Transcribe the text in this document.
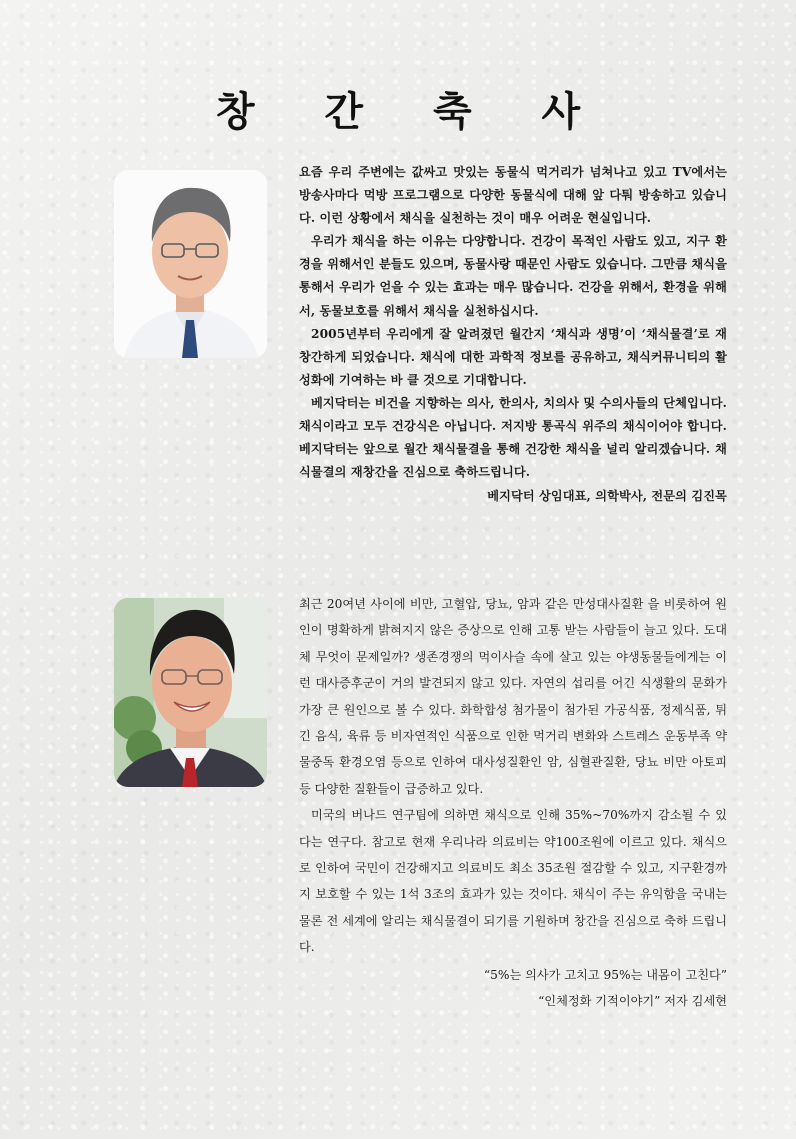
창 간 축 사

요즘 우리 주변에는 값싸고 맛있는 동물식 먹거리가 넘쳐나고 있고 TV에서는 방송사마다 먹방 프로그램으로 다양한 동물식에 대해 앞 다퉈 방송하고 있습니다. 이런 상황에서 채식을 실천하는 것이 매우 어려운 현실입니다.

우리가 채식을 하는 이유는 다양합니다. 건강이 목적인 사람도 있고, 지구 환경을 위해서인 분들도 있으며, 동물사랑 때문인 사람도 있습니다. 그만큼 채식을 통해서 우리가 얻을 수 있는 효과는 매우 많습니다. 건강을 위해서, 환경을 위해서, 동물보호를 위해서 채식을 실천하십시다.

2005년부터 우리에게 잘 알려졌던 월간지 ‘채식과 생명’이 ‘채식물결’로 재창간하게 되었습니다. 채식에 대한 과학적 정보를 공유하고, 채식커뮤니티의 활성화에 기여하는 바 클 것으로 기대합니다.

베지닥터는 비건을 지향하는 의사, 한의사, 치의사 및 수의사들의 단체입니다. 채식이라고 모두 건강식은 아닙니다. 저지방 통곡식 위주의 채식이어야 합니다. 베지닥터는 앞으로 월간 채식물결을 통해 건강한 채식을 널리 알리겠습니다. 채식물결의 재창간을 진심으로 축하드립니다.

베지닥터 상임대표, 의학박사, 전문의 김진목

최근 20여년 사이에 비만, 고혈압, 당뇨, 암과 같은 만성대사질환 을 비롯하여 원인이 명확하게 밝혀지지 않은 증상으로 인해 고통 받는 사람들이 늘고 있다. 도대체 무엇이 문제일까? 생존경쟁의 먹이사슬 속에 살고 있는 야생동물들에게는 이런 대사증후군이 거의 발견되지 않고 있다. 자연의 섭리를 어긴 식생활의 문화가 가장 큰 원인으로 볼 수 있다. 화학합성 첨가물이 첨가된 가공식품, 정제식품, 튀긴 음식, 육류 등 비자연적인 식품으로 인한 먹거리 변화와 스트레스 운동부족 약물중독 환경오염 등으로 인하여 대사성질환인 암, 심혈관질환, 당뇨 비만 아토피 등 다양한 질환들이 급증하고 있다.

미국의 버나드 연구팀에 의하면 채식으로 인해 35%~70%까지 감소될 수 있다는 연구다. 참고로 현재 우리나라 의료비는 약100조원에 이르고 있다. 채식으로 인하여 국민이 건강해지고 의료비도 최소 35조원 절감할 수 있고, 지구환경까지 보호할 수 있는 1석 3조의 효과가 있는 것이다. 채식이 주는 유익함을 국내는 물론 전 세계에 알리는 채식물결이 되기를 기원하며 창간을 진심으로 축하 드립니다.

“5%는 의사가 고치고 95%는 내몸이 고친다”

“인체정화 기적이야기” 저자 김세현
